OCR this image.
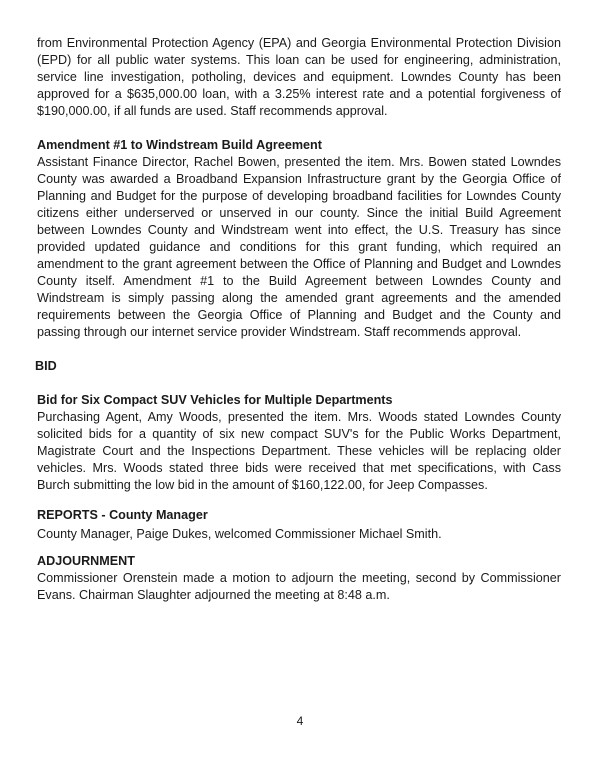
from Environmental Protection Agency (EPA) and Georgia Environmental Protection Division (EPD) for all public water systems. This loan can be used for engineering, administration, service line investigation, potholing, devices and equipment. Lowndes County has been approved for a $635,000.00 loan, with a 3.25% interest rate and a potential forgiveness of $190,000.00, if all funds are used. Staff recommends approval.

Amendment #1 to Windstream Build Agreement

Assistant Finance Director, Rachel Bowen, presented the item. Mrs. Bowen stated Lowndes County was awarded a Broadband Expansion Infrastructure grant by the Georgia Office of Planning and Budget for the purpose of developing broadband facilities for Lowndes County citizens either underserved or unserved in our county. Since the initial Build Agreement between Lowndes County and Windstream went into effect, the U.S. Treasury has since provided updated guidance and conditions for this grant funding, which required an amendment to the grant agreement between the Office of Planning and Budget and Lowndes County itself. Amendment #1 to the Build Agreement between Lowndes County and Windstream is simply passing along the amended grant agreements and the amended requirements between the Georgia Office of Planning and Budget and the County and passing through our internet service provider Windstream. Staff recommends approval.

BID
Bid for Six Compact SUV Vehicles for Multiple Departments

Purchasing Agent, Amy Woods, presented the item. Mrs. Woods stated Lowndes County solicited bids for a quantity of six new compact SUV's for the Public Works Department, Magistrate Court and the Inspections Department. These vehicles will be replacing older vehicles. Mrs. Woods stated three bids were received that met specifications, with Cass Burch submitting the low bid in the amount of $160,122.00, for Jeep Compasses.

REPORTS - County Manager

County Manager, Paige Dukes, welcomed Commissioner Michael Smith.

ADJOURNMENT

Commissioner Orenstein made a motion to adjourn the meeting, second by Commissioner Evans. Chairman Slaughter adjourned the meeting at 8:48 a.m.

4
